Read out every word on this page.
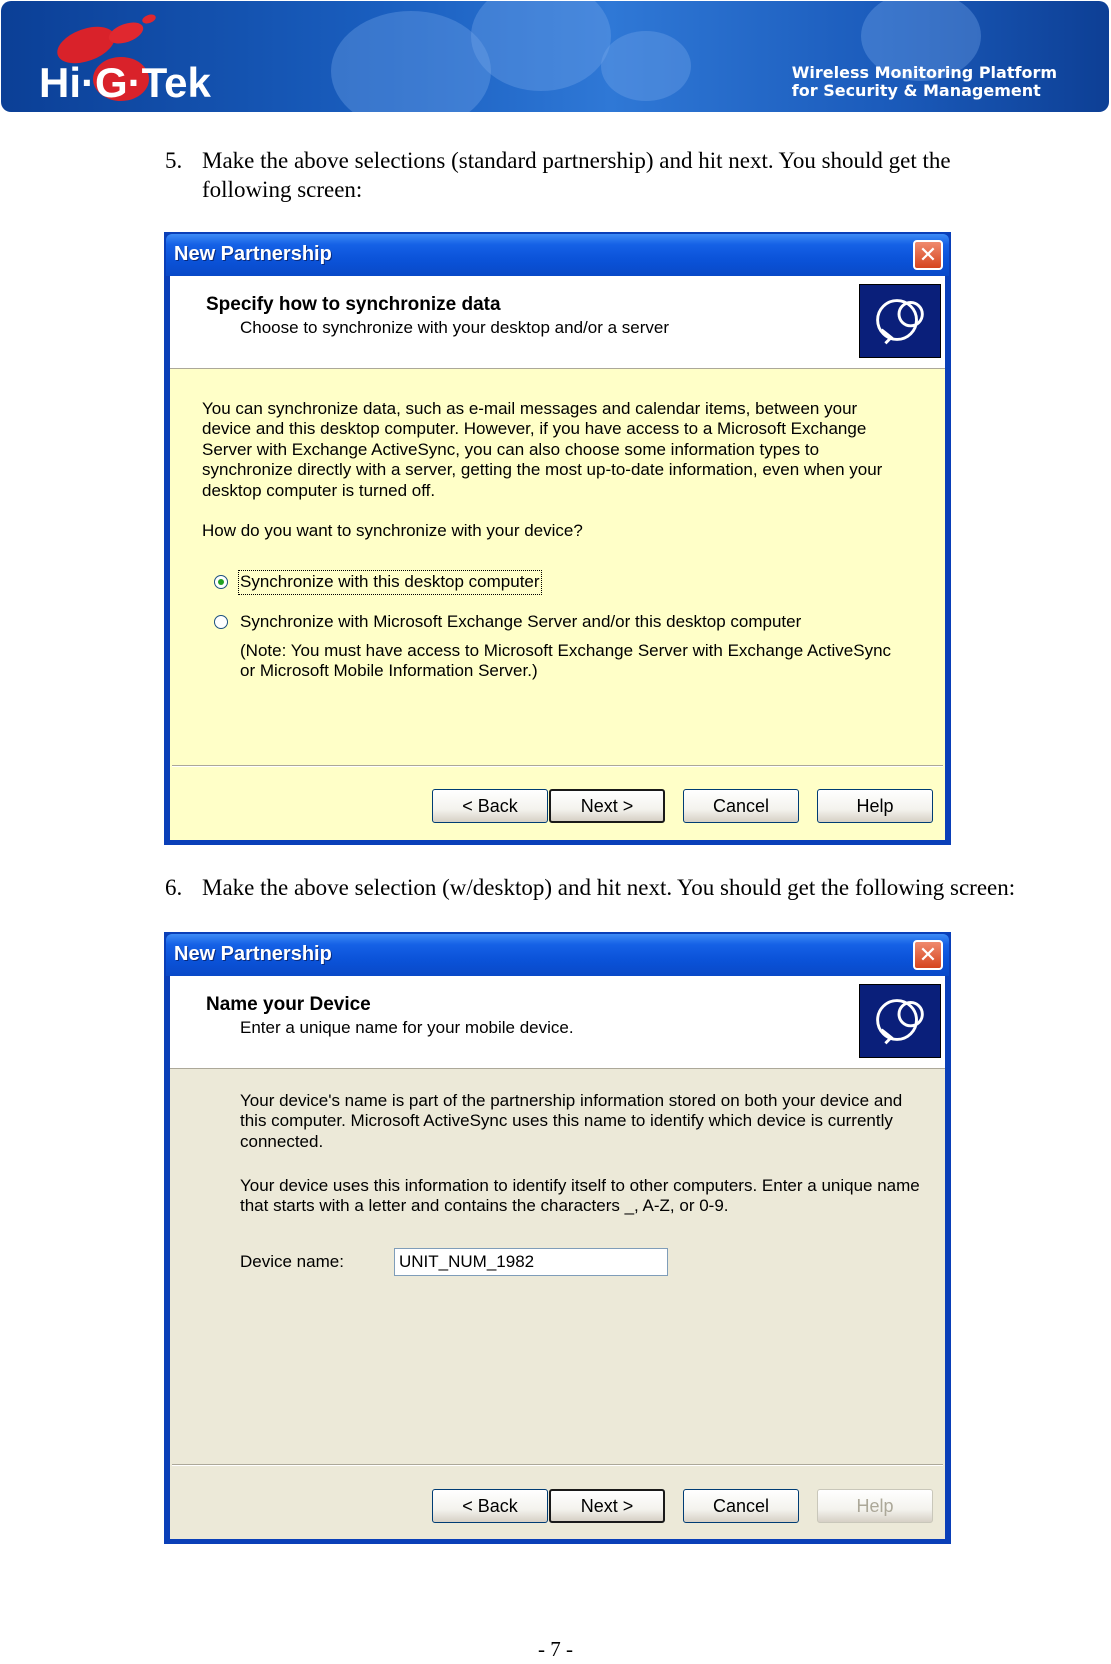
Hi·G·Tek	Wireless Monitoring Platform
for Security & Management
5. Make the above selections (standard partnership) and hit next. You should get the following screen:
New Partnership	✕
Specify how to synchronize data
Choose to synchronize with your desktop and/or a server

You can synchronize data, such as e-mail messages and calendar items, between your

device and this desktop computer. However, if you have access to a Microsoft Exchange

Server with Exchange ActiveSync, you can also choose some information types to

synchronize directly with a server, getting the most up-to-date information, even when your

desktop computer is turned off.

How do you want to synchronize with your device?

Synchronize with this desktop computer

Synchronize with Microsoft Exchange Server and/or this desktop computer

(Note: You must have access to Microsoft Exchange Server with Exchange ActiveSync

or Microsoft Mobile Information Server.)

< Back	Next >	Cancel	Help
6. Make the above selection (w/desktop) and hit next. You should get the following screen:
New Partnership	✕
Name your Device
Enter a unique name for your mobile device.

Your device's name is part of the partnership information stored on both your device and

this computer. Microsoft ActiveSync uses this name to identify which device is currently

connected.

Your device uses this information to identify itself to other computers. Enter a unique name

that starts with a letter and contains the characters _, A-Z, or 0-9.

Device name:	UNIT_NUM_1982
< Back	Next >	Cancel	Help
- 7 -
